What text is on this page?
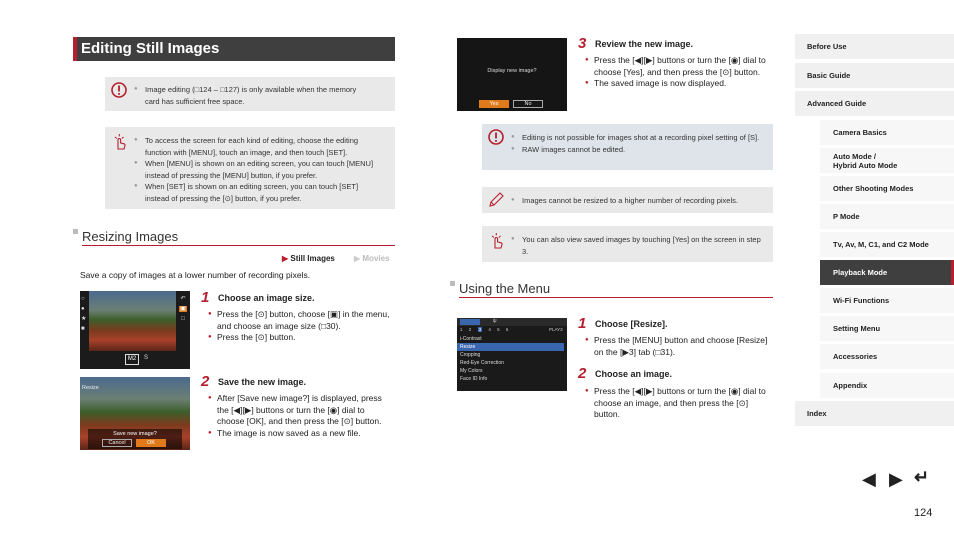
Editing Still Images
● Image editing (□124 – □127) is only available when the memory card has sufficient free space.
● To access the screen for each kind of editing, choose the editing function with [MENU], touch an image, and then touch [SET].
● When [MENU] is shown on an editing screen, you can touch [MENU] instead of pressing the [MENU] button, if you prefer.
● When [SET] is shown on an editing screen, you can touch [SET] instead of pressing the [⊙] button, if you prefer.
Resizing Images
▶ Still Images ▶ Movies
Save a copy of images at a lower number of recording pixels.
○
●
★
■
↶
▣
□
M2	S
1 Choose an image size.
● Press the [⊙] button, choose [▣] in the menu, and choose an image size (□30).
● Press the [⊙] button.
Resize
Save new image?
Cancel	OK
2 Save the new image.
● After [Save new image?] is displayed, press the [◀][▶] buttons or turn the [◉] dial to choose [OK], and then press the [⊙] button.
● The image is now saved as a new file.
Display new image?
Yes	No
3 Review the new image.
● Press the [◀][▶] buttons or turn the [◉] dial to choose [Yes], and then press the [⊙] button.
● The saved image is now displayed.
● Editing is not possible for images shot at a recording pixel setting of [S].
● RAW images cannot be edited.
● Images cannot be resized to a higher number of recording pixels.
● You can also view saved images by touching [Yes] on the screen in step 3.
Using the Menu
ψ
1 2 3 4 5 6	PLAY3
i-Contrast
Resize
Cropping
Red-Eye Correction
My Colors
Face ID Info
1 Choose [Resize].
● Press the [MENU] button and choose [Resize] on the [▶3] tab (□31).
2 Choose an image.
● Press the [◀][▶] buttons or turn the [◉] dial to choose an image, and then press the [⊙] button.
Before Use
Basic Guide
Advanced Guide
Camera Basics
Auto Mode /
Hybrid Auto Mode
Other Shooting Modes
P Mode
Tv, Av, M, C1, and C2 Mode
Playback Mode
Wi-Fi Functions
Setting Menu
Accessories
Appendix
Index
◀ ▶ ↵
124
